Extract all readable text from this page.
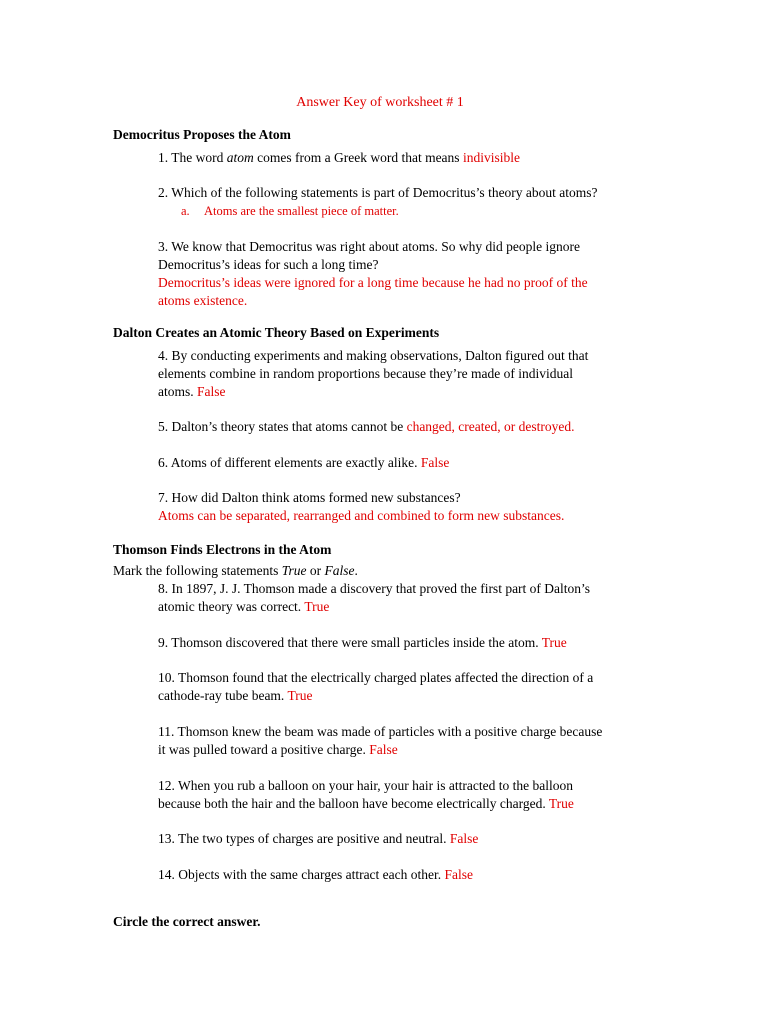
Answer Key of worksheet # 1
Democritus Proposes the Atom
1. The word atom comes from a Greek word that means indivisible
2. Which of the following statements is part of Democritus’s theory about atoms?
a. Atoms are the smallest piece of matter.
3. We know that Democritus was right about atoms. So why did people ignore
Democritus’s ideas for such a long time?
Democritus’s ideas were ignored for a long time because he had no proof of the
atoms existence.
Dalton Creates an Atomic Theory Based on Experiments
4. By conducting experiments and making observations, Dalton figured out that
elements combine in random proportions because they’re made of individual
atoms. False
5. Dalton’s theory states that atoms cannot be changed, created, or destroyed.
6. Atoms of different elements are exactly alike. False
7. How did Dalton think atoms formed new substances?
Atoms can be separated, rearranged and combined to form new substances.
Thomson Finds Electrons in the Atom
Mark the following statements True or False.
8. In 1897, J. J. Thomson made a discovery that proved the first part of Dalton’s
atomic theory was correct. True
9. Thomson discovered that there were small particles inside the atom. True
10. Thomson found that the electrically charged plates affected the direction of a
cathode-ray tube beam. True
11. Thomson knew the beam was made of particles with a positive charge because
it was pulled toward a positive charge. False
12. When you rub a balloon on your hair, your hair is attracted to the balloon
because both the hair and the balloon have become electrically charged. True
13. The two types of charges are positive and neutral. False
14. Objects with the same charges attract each other. False
Circle the correct answer.
